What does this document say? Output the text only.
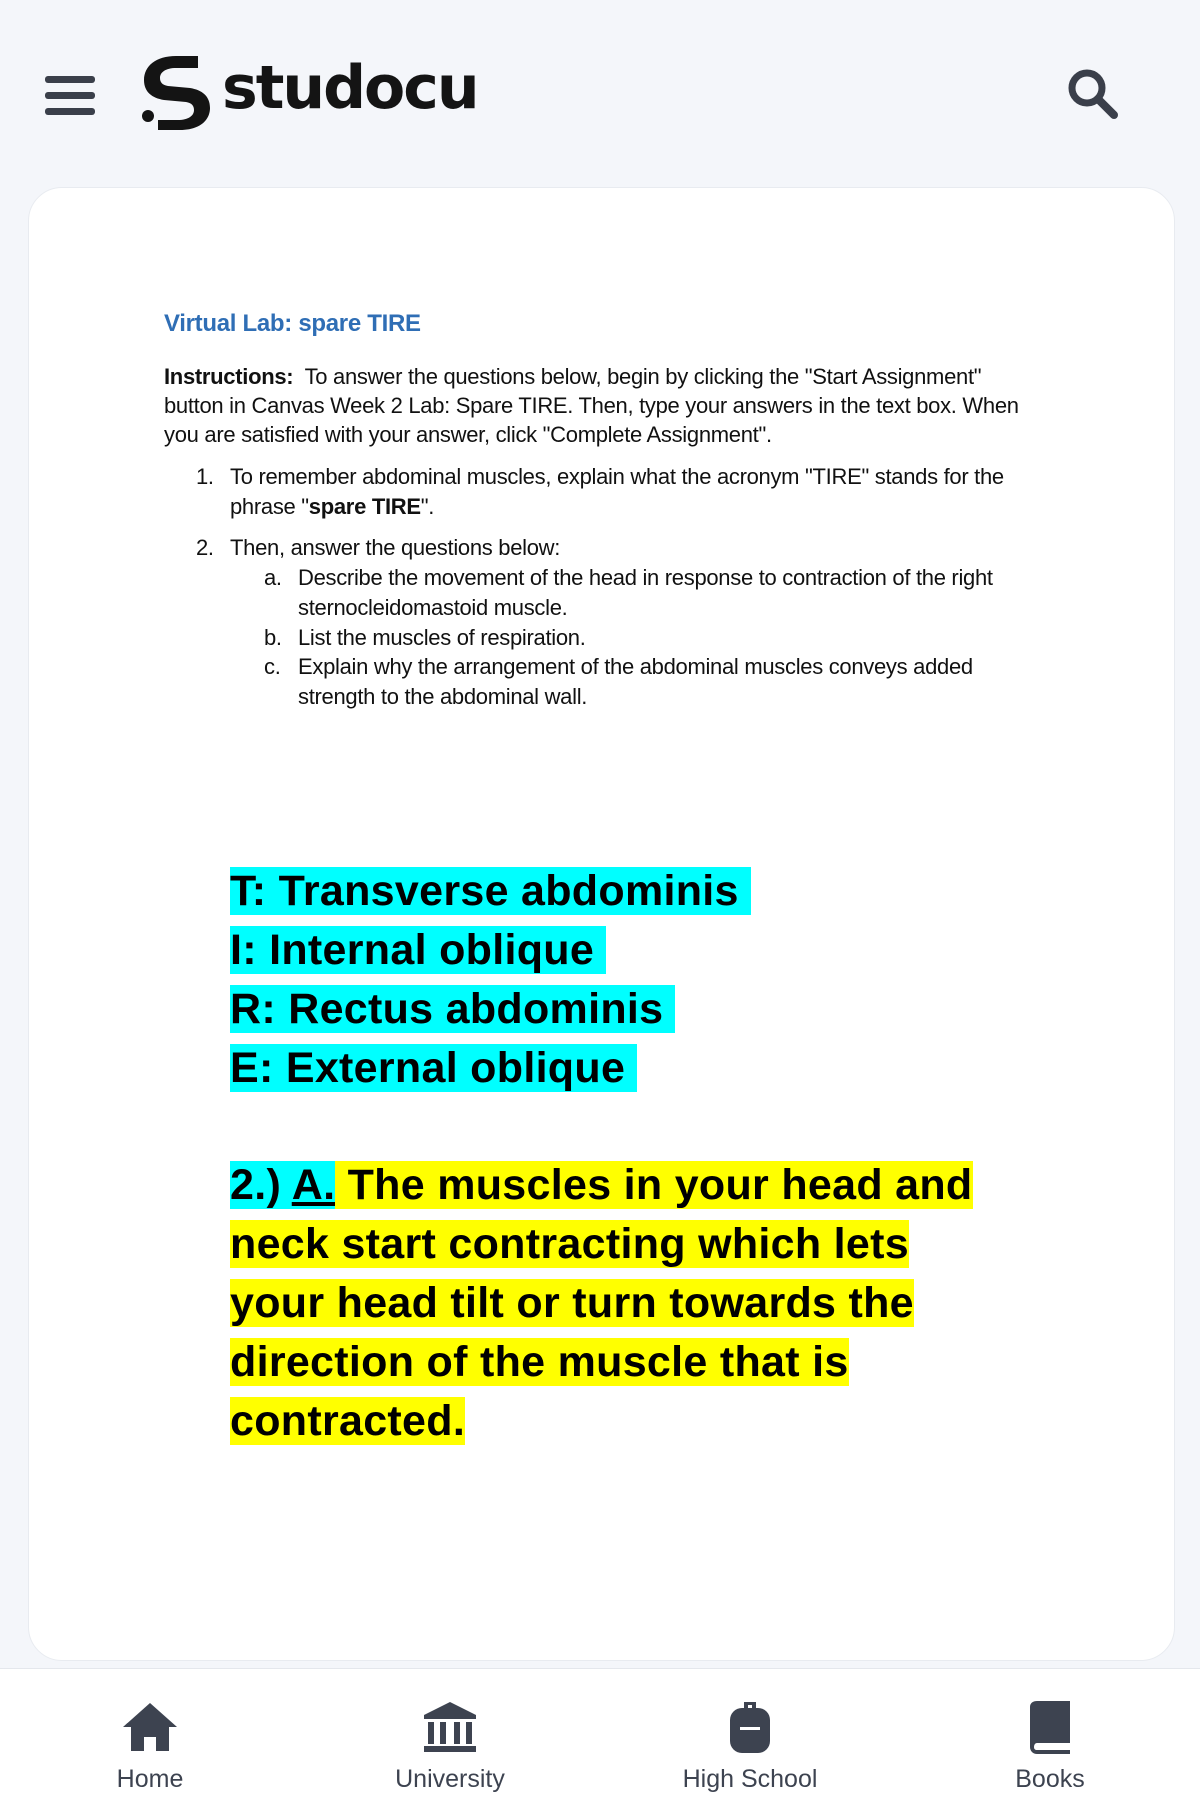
studocu
Virtual Lab: spare TIRE
Instructions: To answer the questions below, begin by clicking the "Start Assignment" button in Canvas Week 2 Lab: Spare TIRE. Then, type your answers in the text box. When you are satisfied with your answer, click "Complete Assignment".
1. To remember abdominal muscles, explain what the acronym "TIRE" stands for the phrase "spare TIRE".
2. Then, answer the questions below:
a. Describe the movement of the head in response to contraction of the right sternocleidomastoid muscle.
b. List the muscles of respiration.
c. Explain why the arrangement of the abdominal muscles conveys added strength to the abdominal wall.
T: Transverse abdominis
I: Internal oblique
R: Rectus abdominis
E: External oblique
2.) A. The muscles in your head and
neck start contracting which lets
your head tilt or turn towards the
direction of the muscle that is
contracted.
Home	University	High School	Books
